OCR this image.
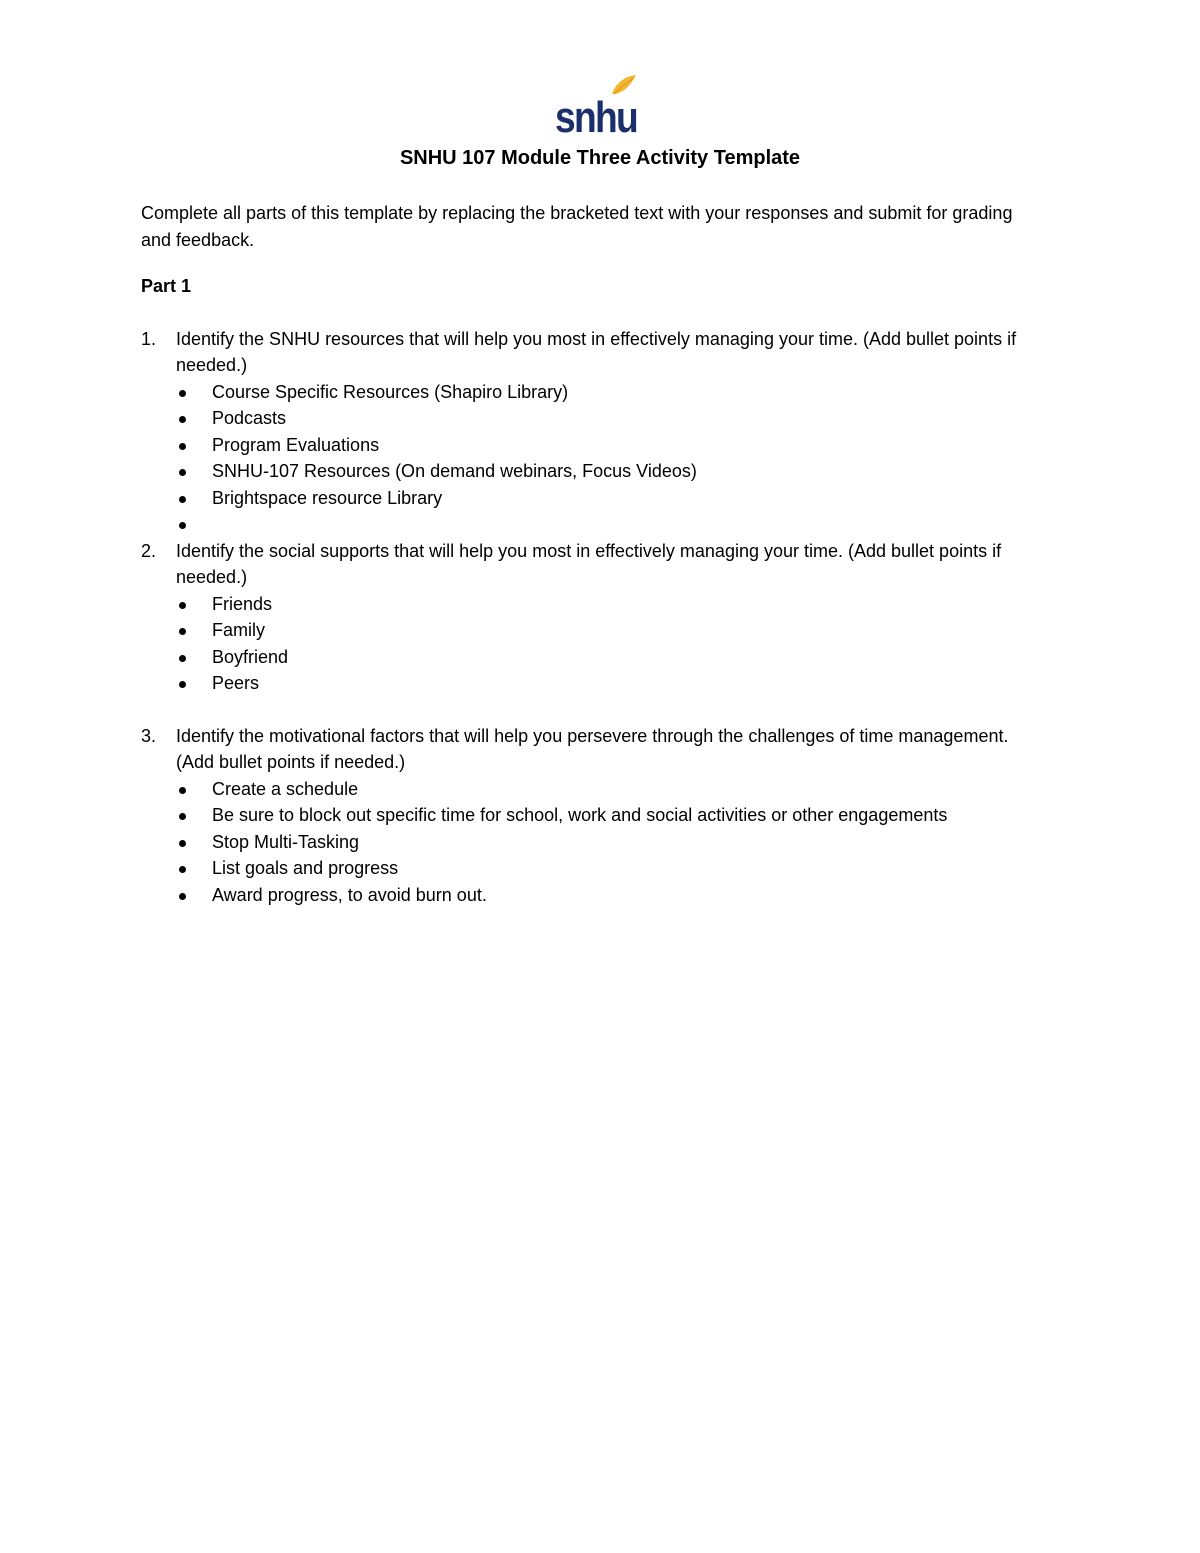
snhu
SNHU 107 Module Three Activity Template

Complete all parts of this template by replacing the bracketed text with your responses and submit for grading and feedback.

Part 1
1. Identify the SNHU resources that will help you most in effectively managing your time. (Add bullet points if needed.)
Course Specific Resources (Shapiro Library)
Podcasts
Program Evaluations
SNHU-107 Resources (On demand webinars, Focus Videos)
Brightspace resource Library
2. Identify the social supports that will help you most in effectively managing your time. (Add bullet points if needed.)
Friends
Family
Boyfriend
Peers
3. Identify the motivational factors that will help you persevere through the challenges of time management. (Add bullet points if needed.)
Create a schedule
Be sure to block out specific time for school, work and social activities or other engagements
Stop Multi-Tasking
List goals and progress
Award progress, to avoid burn out.
